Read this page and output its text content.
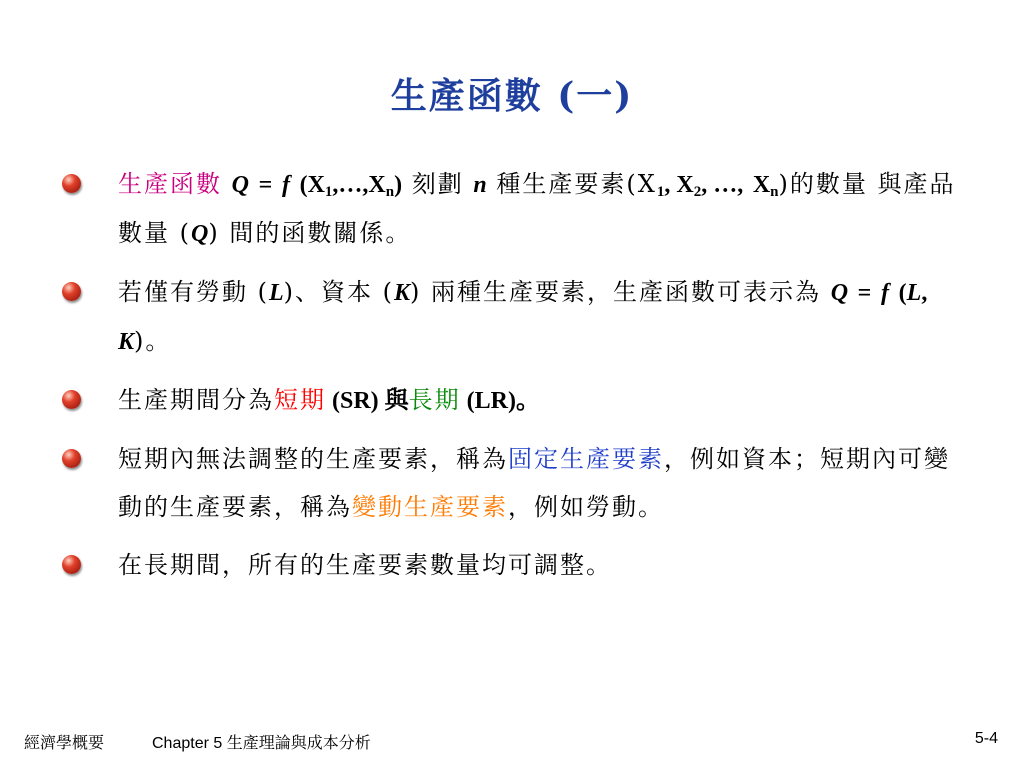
生產函數 (一)
生產函數 Q = f $(X_1,\dots,X_n)$ 刻劃 n 種生產要素($X_1$, $X_2$, …, $X_n$)的數量 與產品數量 (Q) 間的函數關係。
若僅有勞動 (L)、資本 (K) 兩種生產要素，生產函數可表示為 Q = f (L, K)。
生產期間分為短期 (SR) 與長期 (LR)。
短期內無法調整的生產要素，稱為固定生產要素，例如資本；短期內可變動的生產要素，稱為變動生產要素，例如勞動。
在長期間，所有的生產要素數量均可調整。
經濟學概要	Chapter 5 生產理論與成本分析	5-4
